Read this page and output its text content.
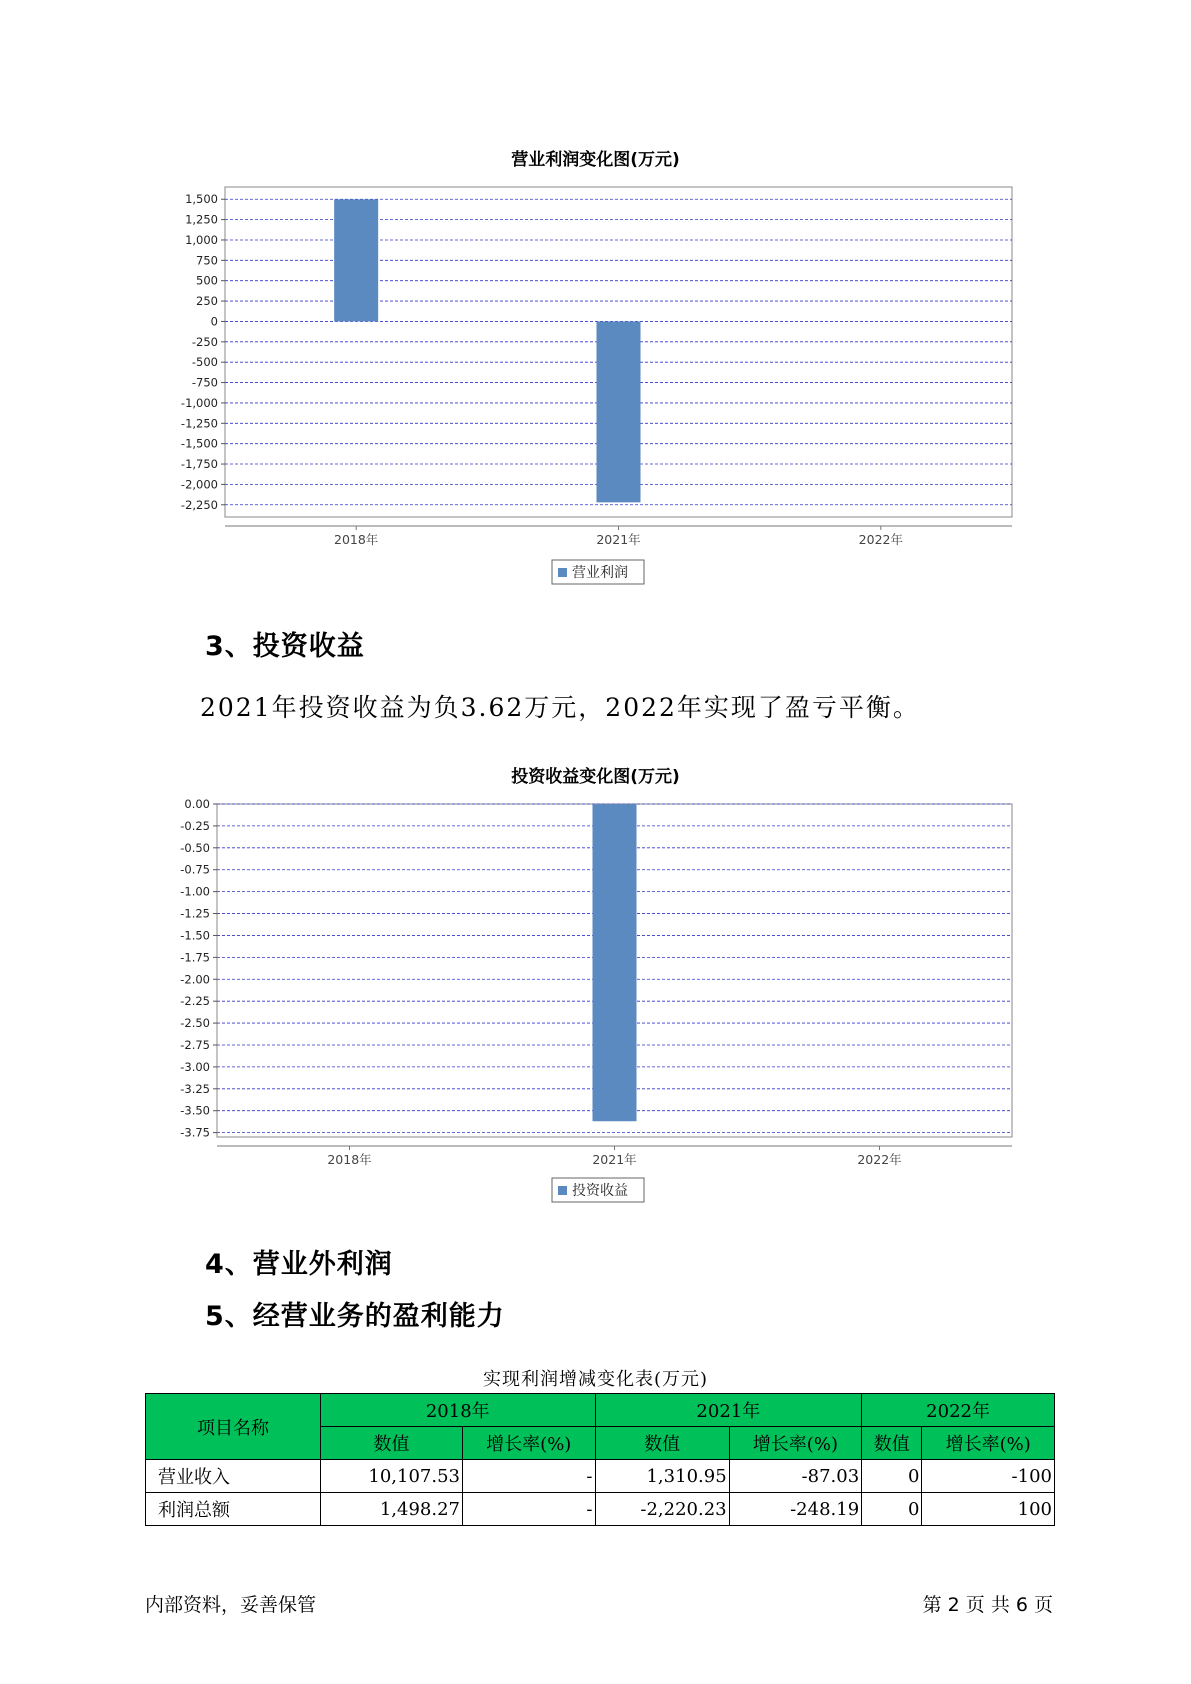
营业利润变化图(万元)
1,500
1,250
1,000
750
500
250
0
-250
-500
-750
-1,000
-1,250
-1,500
-1,750
-2,000
-2,250
2018年	2021年	2022年
营业利润
3、投资收益
2021年投资收益为负3.62万元，2022年实现了盈亏平衡。
投资收益变化图(万元)
0.00
-0.25
-0.50
-0.75
-1.00
-1.25
-1.50
-1.75
-2.00
-2.25
-2.50
-2.75
-3.00
-3.25
-3.50
-3.75
2018年	2021年	2022年
投资收益
4、营业外利润
5、经营业务的盈利能力
实现利润增减变化表(万元)
项目名称	2018年		2021年		2022年	
	数值	增长率(%)	数值	增长率(%)	数值	增长率(%)
营业收入	10,107.53	-	1,310.95	-87.03	0	-100
利润总额	1,498.27	-	-2,220.23	-248.19	0	100
内部资料，妥善保管	第 2 页 共 6 页
